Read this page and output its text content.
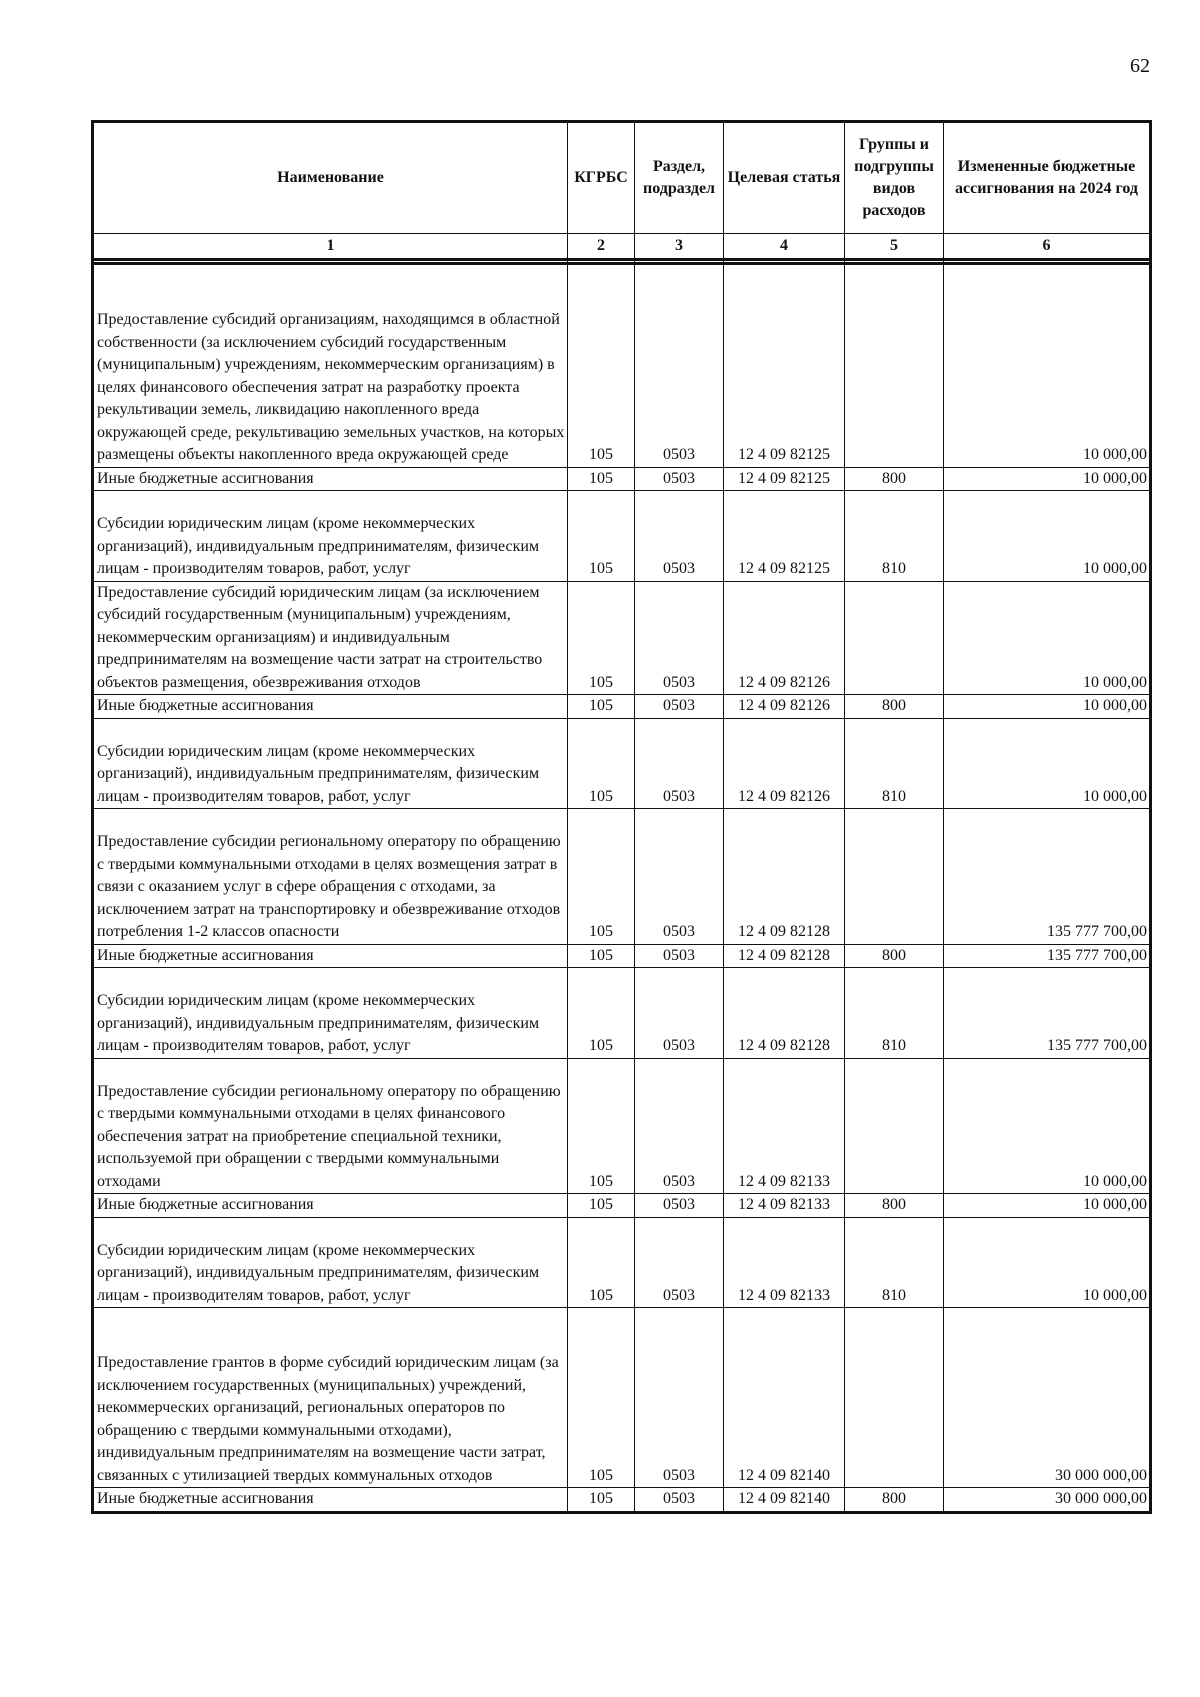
62
Наименование	КГРБС	Раздел, подраздел	Целевая статья	Группы и подгруппы видов расходов	Измененные бюджетные ассигнования на 2024 год
1	2	3	4	5	6

Предоставление субсидий организациям, находящимся в областной собственности (за исключением субсидий государственным (муниципальным) учреждениям, некоммерческим организациям) в целях финансового обеспечения затрат на разработку проекта рекультивации земель, ликвидацию накопленного вреда окружающей среде, рекультивацию земельных участков, на которых размещены объекты накопленного вреда окружающей среде	105	0503	12 4 09 82125		10 000,00
Иные бюджетные ассигнования	105	0503	12 4 09 82125	800	10 000,00
Субсидии юридическим лицам (кроме некоммерческих организаций), индивидуальным предпринимателям, физическим лицам - производителям товаров, работ, услуг	105	0503	12 4 09 82125	810	10 000,00
Предоставление субсидий юридическим лицам (за исключением субсидий государственным (муниципальным) учреждениям, некоммерческим организациям) и индивидуальным предпринимателям на возмещение части затрат на строительство объектов размещения, обезвреживания отходов	105	0503	12 4 09 82126		10 000,00
Иные бюджетные ассигнования	105	0503	12 4 09 82126	800	10 000,00
Субсидии юридическим лицам (кроме некоммерческих организаций), индивидуальным предпринимателям, физическим лицам - производителям товаров, работ, услуг	105	0503	12 4 09 82126	810	10 000,00
Предоставление субсидии региональному оператору по обращению с твердыми коммунальными отходами в целях возмещения затрат в связи с оказанием услуг в сфере обращения с отходами, за исключением затрат на транспортировку и обезвреживание отходов потребления 1-2 классов опасности	105	0503	12 4 09 82128		135 777 700,00
Иные бюджетные ассигнования	105	0503	12 4 09 82128	800	135 777 700,00
Субсидии юридическим лицам (кроме некоммерческих организаций), индивидуальным предпринимателям, физическим лицам - производителям товаров, работ, услуг	105	0503	12 4 09 82128	810	135 777 700,00
Предоставление субсидии региональному оператору по обращению с твердыми коммунальными отходами в целях финансового обеспечения затрат на приобретение специальной техники, используемой при обращении с твердыми коммунальными отходами	105	0503	12 4 09 82133		10 000,00
Иные бюджетные ассигнования	105	0503	12 4 09 82133	800	10 000,00
Субсидии юридическим лицам (кроме некоммерческих организаций), индивидуальным предпринимателям, физическим лицам - производителям товаров, работ, услуг	105	0503	12 4 09 82133	810	10 000,00
Предоставление грантов в форме субсидий юридическим лицам (за исключением государственных (муниципальных) учреждений, некоммерческих организаций, региональных операторов по обращению с твердыми коммунальными отходами), индивидуальным предпринимателям на возмещение части затрат, связанных с утилизацией твердых коммунальных отходов	105	0503	12 4 09 82140		30 000 000,00
Иные бюджетные ассигнования	105	0503	12 4 09 82140	800	30 000 000,00
